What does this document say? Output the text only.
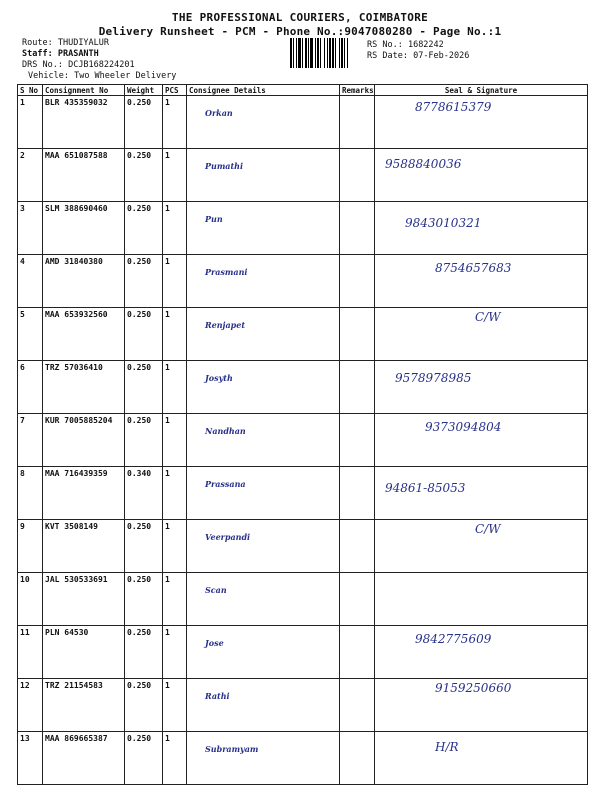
THE PROFESSIONAL COURIERS, COIMBATORE
Delivery Runsheet - PCM - Phone No.:9047080280 - Page No.:1
Route: THUDIYALUR
Staff: PRASANTH
DRS No.: DCJB168224201
Vehicle: Two Wheeler Delivery
RS No.: 1682242
RS Date: 07-Feb-2026
S No	Consignment No	Weight	PCS	Consignee Details	Remarks	Seal & Signature
1	BLR 435359032	0.250	1	Orkan		8778615379

2	MAA 651087588	0.250	1	Pumathi		9588840036

3	SLM 388690460	0.250	1	Pun		9843010321

4	AMD 31840380	0.250	1	Prasmani		8754657683

5	MAA 653932560	0.250	1	Renjapet		C/W

6	TRZ 57036410	0.250	1	Josyth		9578978985

7	KUR 7005885204	0.250	1	Nandhan		9373094804

8	MAA 716439359	0.340	1	Prassana		94861-85053

9	KVT 3508149	0.250	1	Veerpandi		C/W

10	JAL 530533691	0.250	1	Scan		

11	PLN 64530	0.250	1	Jose		9842775609

12	TRZ 21154583	0.250	1	Rathi		9159250660

13	MAA 869665387	0.250	1	Subramyam		H/R
